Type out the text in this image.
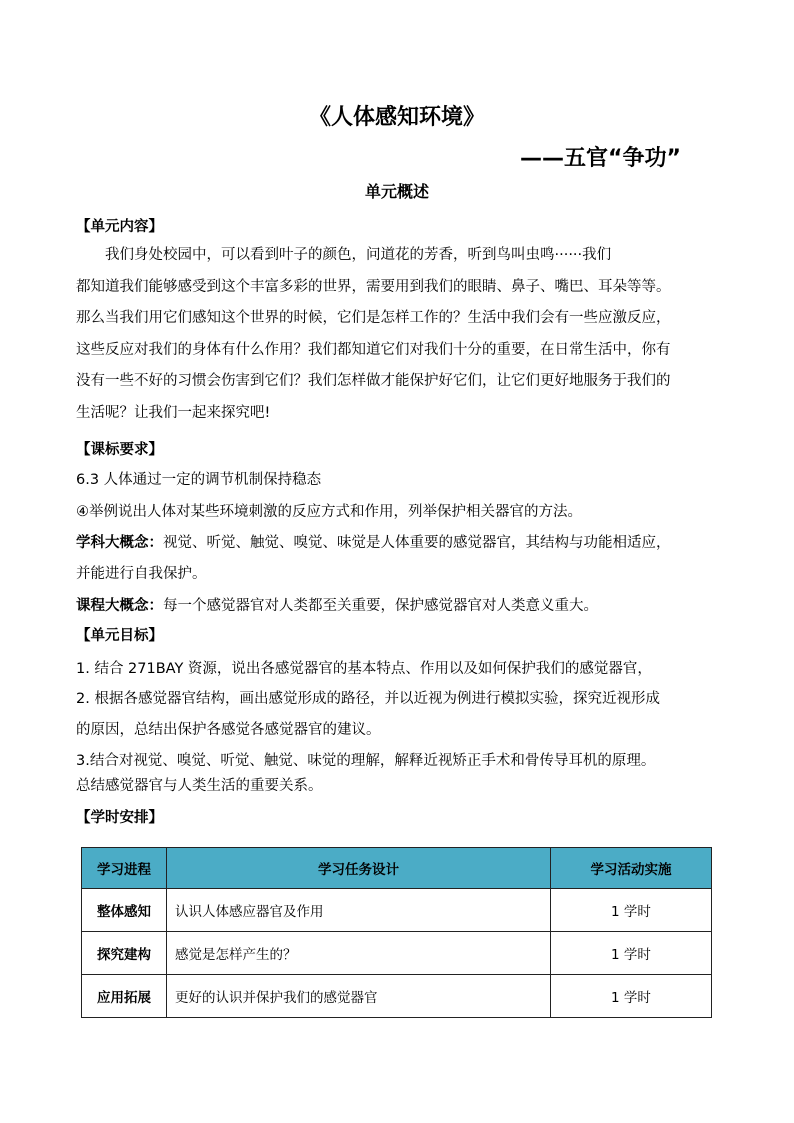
《人体感知环境》
——五官“争功”
单元概述
【单元内容】
我们身处校园中，可以看到叶子的颜色，问道花的芳香，听到鸟叫虫鸣······我们
都知道我们能够感受到这个丰富多彩的世界，需要用到我们的眼睛、鼻子、嘴巴、耳朵等等。
那么当我们用它们感知这个世界的时候，它们是怎样工作的？生活中我们会有一些应激反应，
这些反应对我们的身体有什么作用？我们都知道它们对我们十分的重要，在日常生活中，你有
没有一些不好的习惯会伤害到它们？我们怎样做才能保护好它们，让它们更好地服务于我们的
生活呢？让我们一起来探究吧!
【课标要求】
6.3 人体通过一定的调节机制保持稳态
④举例说出人体对某些环境刺激的反应方式和作用，列举保护相关器官的方法。
学科大概念：视觉、听觉、触觉、嗅觉、味觉是人体重要的感觉器官，其结构与功能相适应，
并能进行自我保护。
课程大概念：每一个感觉器官对人类都至关重要，保护感觉器官对人类意义重大。
【单元目标】
1. 结合 271BAY 资源，说出各感觉器官的基本特点、作用以及如何保护我们的感觉器官，
2. 根据各感觉器官结构，画出感觉形成的路径，并以近视为例进行模拟实验，探究近视形成
的原因，总结出保护各感觉各感觉器官的建议。
3.结合对视觉、嗅觉、听觉、触觉、味觉的理解，解释近视矫正手术和骨传导耳机的原理。
总结感觉器官与人类生活的重要关系。
【学时安排】
学习进程	学习任务设计	学习活动实施
整体感知	认识人体感应器官及作用	1 学时
探究建构	感觉是怎样产生的？	1 学时
应用拓展	更好的认识并保护我们的感觉器官	1 学时
